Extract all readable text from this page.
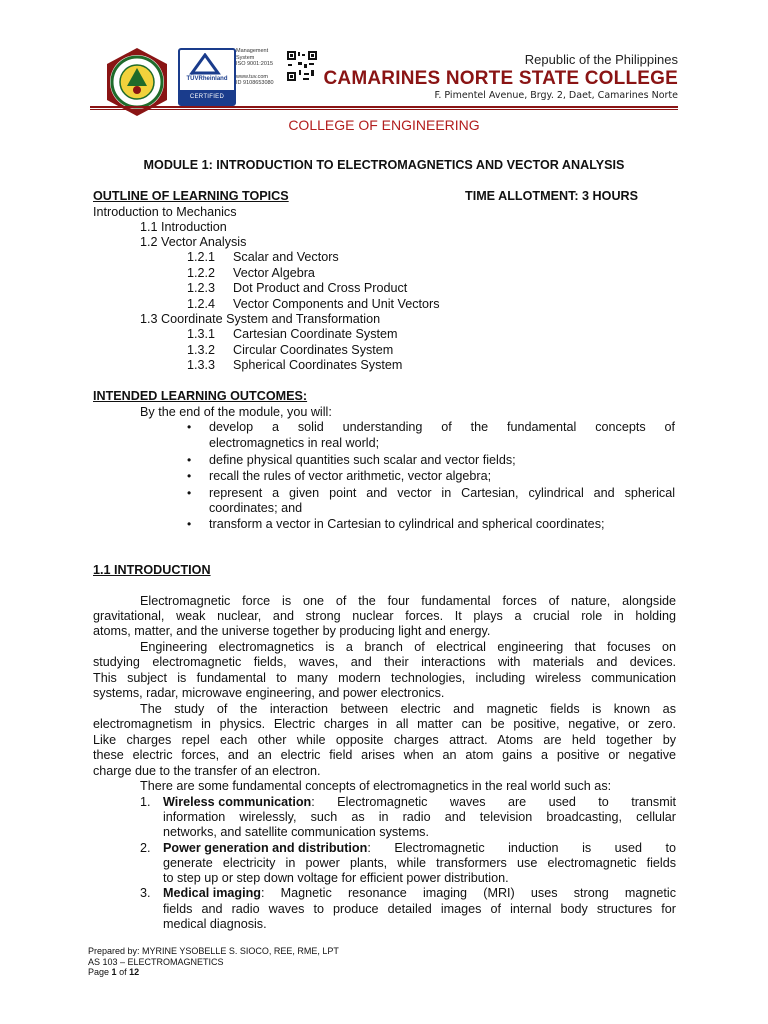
TÜVRheinland
CERTIFIED
Management
System
ISO 9001:2015
www.tuv.com
ID 9108653080
Republic of the Philippines
CAMARINES NORTE STATE COLLEGE
F. Pimentel Avenue, Brgy. 2, Daet, Camarines Norte
COLLEGE OF ENGINEERING
MODULE 1: INTRODUCTION TO ELECTROMAGNETICS AND VECTOR ANALYSIS
OUTLINE OF LEARNING TOPICS	TIME ALLOTMENT: 3 HOURS
Introduction to Mechanics
1.1 Introduction
1.2 Vector Analysis
1.2.1 Scalar and Vectors
1.2.2 Vector Algebra
1.2.3 Dot Product and Cross Product
1.2.4 Vector Components and Unit Vectors
1.3 Coordinate System and Transformation
1.3.1 Cartesian Coordinate System
1.3.2 Circular Coordinates System
1.3.3 Spherical Coordinates System
INTENDED LEARNING OUTCOMES:
By the end of the module, you will:
• develop a solid understanding of the fundamental concepts of
electromagnetics in real world;
• define physical quantities such scalar and vector fields;
• recall the rules of vector arithmetic, vector algebra;
• represent a given point and vector in Cartesian, cylindrical and spherical
coordinates; and
• transform a vector in Cartesian to cylindrical and spherical coordinates;
1.1 INTRODUCTION
Electromagnetic force is one of the four fundamental forces of nature, alongside
gravitational, weak nuclear, and strong nuclear forces. It plays a crucial role in holding
atoms, matter, and the universe together by producing light and energy.
Engineering electromagnetics is a branch of electrical engineering that focuses on
studying electromagnetic fields, waves, and their interactions with materials and devices.
This subject is fundamental to many modern technologies, including wireless communication
systems, radar, microwave engineering, and power electronics.
The study of the interaction between electric and magnetic fields is known as
electromagnetism in physics. Electric charges in all matter can be positive, negative, or zero.
Like charges repel each other while opposite charges attract. Atoms are held together by
these electric forces, and an electric field arises when an atom gains a positive or negative
charge due to the transfer of an electron.
There are some fundamental concepts of electromagnetics in the real world such as:
1. Wireless communication : Electromagnetic waves are used to transmit
information wirelessly, such as in radio and television broadcasting, cellular
networks, and satellite communication systems.
2. Power generation and distribution : Electromagnetic induction is used to
generate electricity in power plants, while transformers use electromagnetic fields
to step up or step down voltage for efficient power distribution.
3. Medical imaging : Magnetic resonance imaging (MRI) uses strong magnetic
fields and radio waves to produce detailed images of internal body structures for
medical diagnosis.
Prepared by: MYRINE YSOBELLE S. SIOCO, REE, RME, LPT
AS 103 – ELECTROMAGNETICS
Page 1 of 12
